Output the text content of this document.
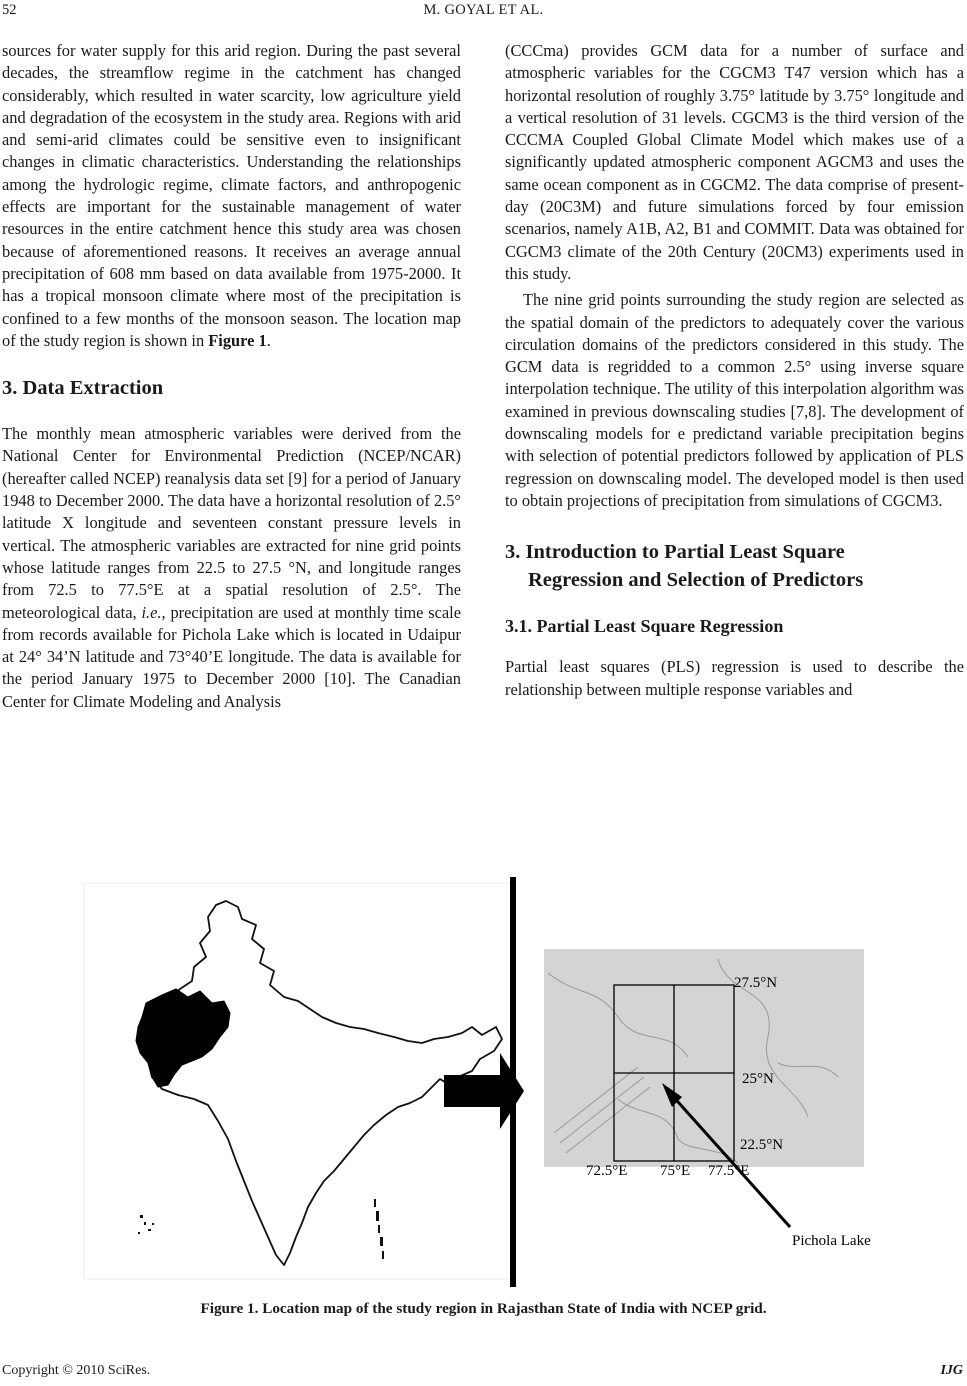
52	M. GOYAL ET AL.

sources for water supply for this arid region. During the past several decades, the streamflow regime in the catchment has changed considerably, which resulted in water scarcity, low agriculture yield and degradation of the ecosystem in the study area. Regions with arid and semi-arid climates could be sensitive even to insignificant changes in climatic characteristics. Understanding the relationships among the hydrologic regime, climate factors, and anthropogenic effects are important for the sustainable management of water resources in the entire catchment hence this study area was chosen because of aforementioned reasons. It receives an average annual precipitation of 608 mm based on data available from 1975-2000. It has a tropical monsoon climate where most of the precipitation is confined to a few months of the monsoon season. The location map of the study region is shown in Figure 1.

3. Data Extraction

The monthly mean atmospheric variables were derived from the National Center for Environmental Prediction (NCEP/NCAR) (hereafter called NCEP) reanalysis data set [9] for a period of January 1948 to December 2000. The data have a horizontal resolution of 2.5° latitude X longitude and seventeen constant pressure levels in vertical. The atmospheric variables are extracted for nine grid points whose latitude ranges from 22.5 to 27.5 °N, and longitude ranges from 72.5 to 77.5°E at a spatial resolution of 2.5°. The meteorological data, i.e., precipitation are used at monthly time scale from records available for Pichola Lake which is located in Udaipur at 24° 34’N latitude and 73°40’E longitude. The data is available for the period January 1975 to December 2000 [10]. The Canadian Center for Climate Modeling and Analysis

(CCCma) provides GCM data for a number of surface and atmospheric variables for the CGCM3 T47 version which has a horizontal resolution of roughly 3.75° latitude by 3.75° longitude and a vertical resolution of 31 levels. CGCM3 is the third version of the CCCMA Coupled Global Climate Model which makes use of a significantly updated atmospheric component AGCM3 and uses the same ocean component as in CGCM2. The data comprise of present-day (20C3M) and future simulations forced by four emission scenarios, namely A1B, A2, B1 and COMMIT. Data was obtained for CGCM3 climate of the 20th Century (20CM3) experiments used in this study.

The nine grid points surrounding the study region are selected as the spatial domain of the predictors to adequately cover the various circulation domains of the predictors considered in this study. The GCM data is regridded to a common 2.5° using inverse square interpolation technique. The utility of this interpolation algorithm was examined in previous downscaling studies [7,8]. The development of downscaling models for e predictand variable precipitation begins with selection of potential predictors followed by application of PLS regression on downscaling model. The developed model is then used to obtain projections of precipitation from simulations of CGCM3.

3. Introduction to Partial Least Square
Regression and Selection of Predictors
3.1. Partial Least Square Regression

Partial least squares (PLS) regression is used to describe the relationship between multiple response variables and

27.5°N
25°N
22.5°N
72.5°E 75°E 77.5°E
Pichola Lake
Figure 1. Location map of the study region in Rajasthan State of India with NCEP grid.
Copyright © 2010 SciRes.	IJG
